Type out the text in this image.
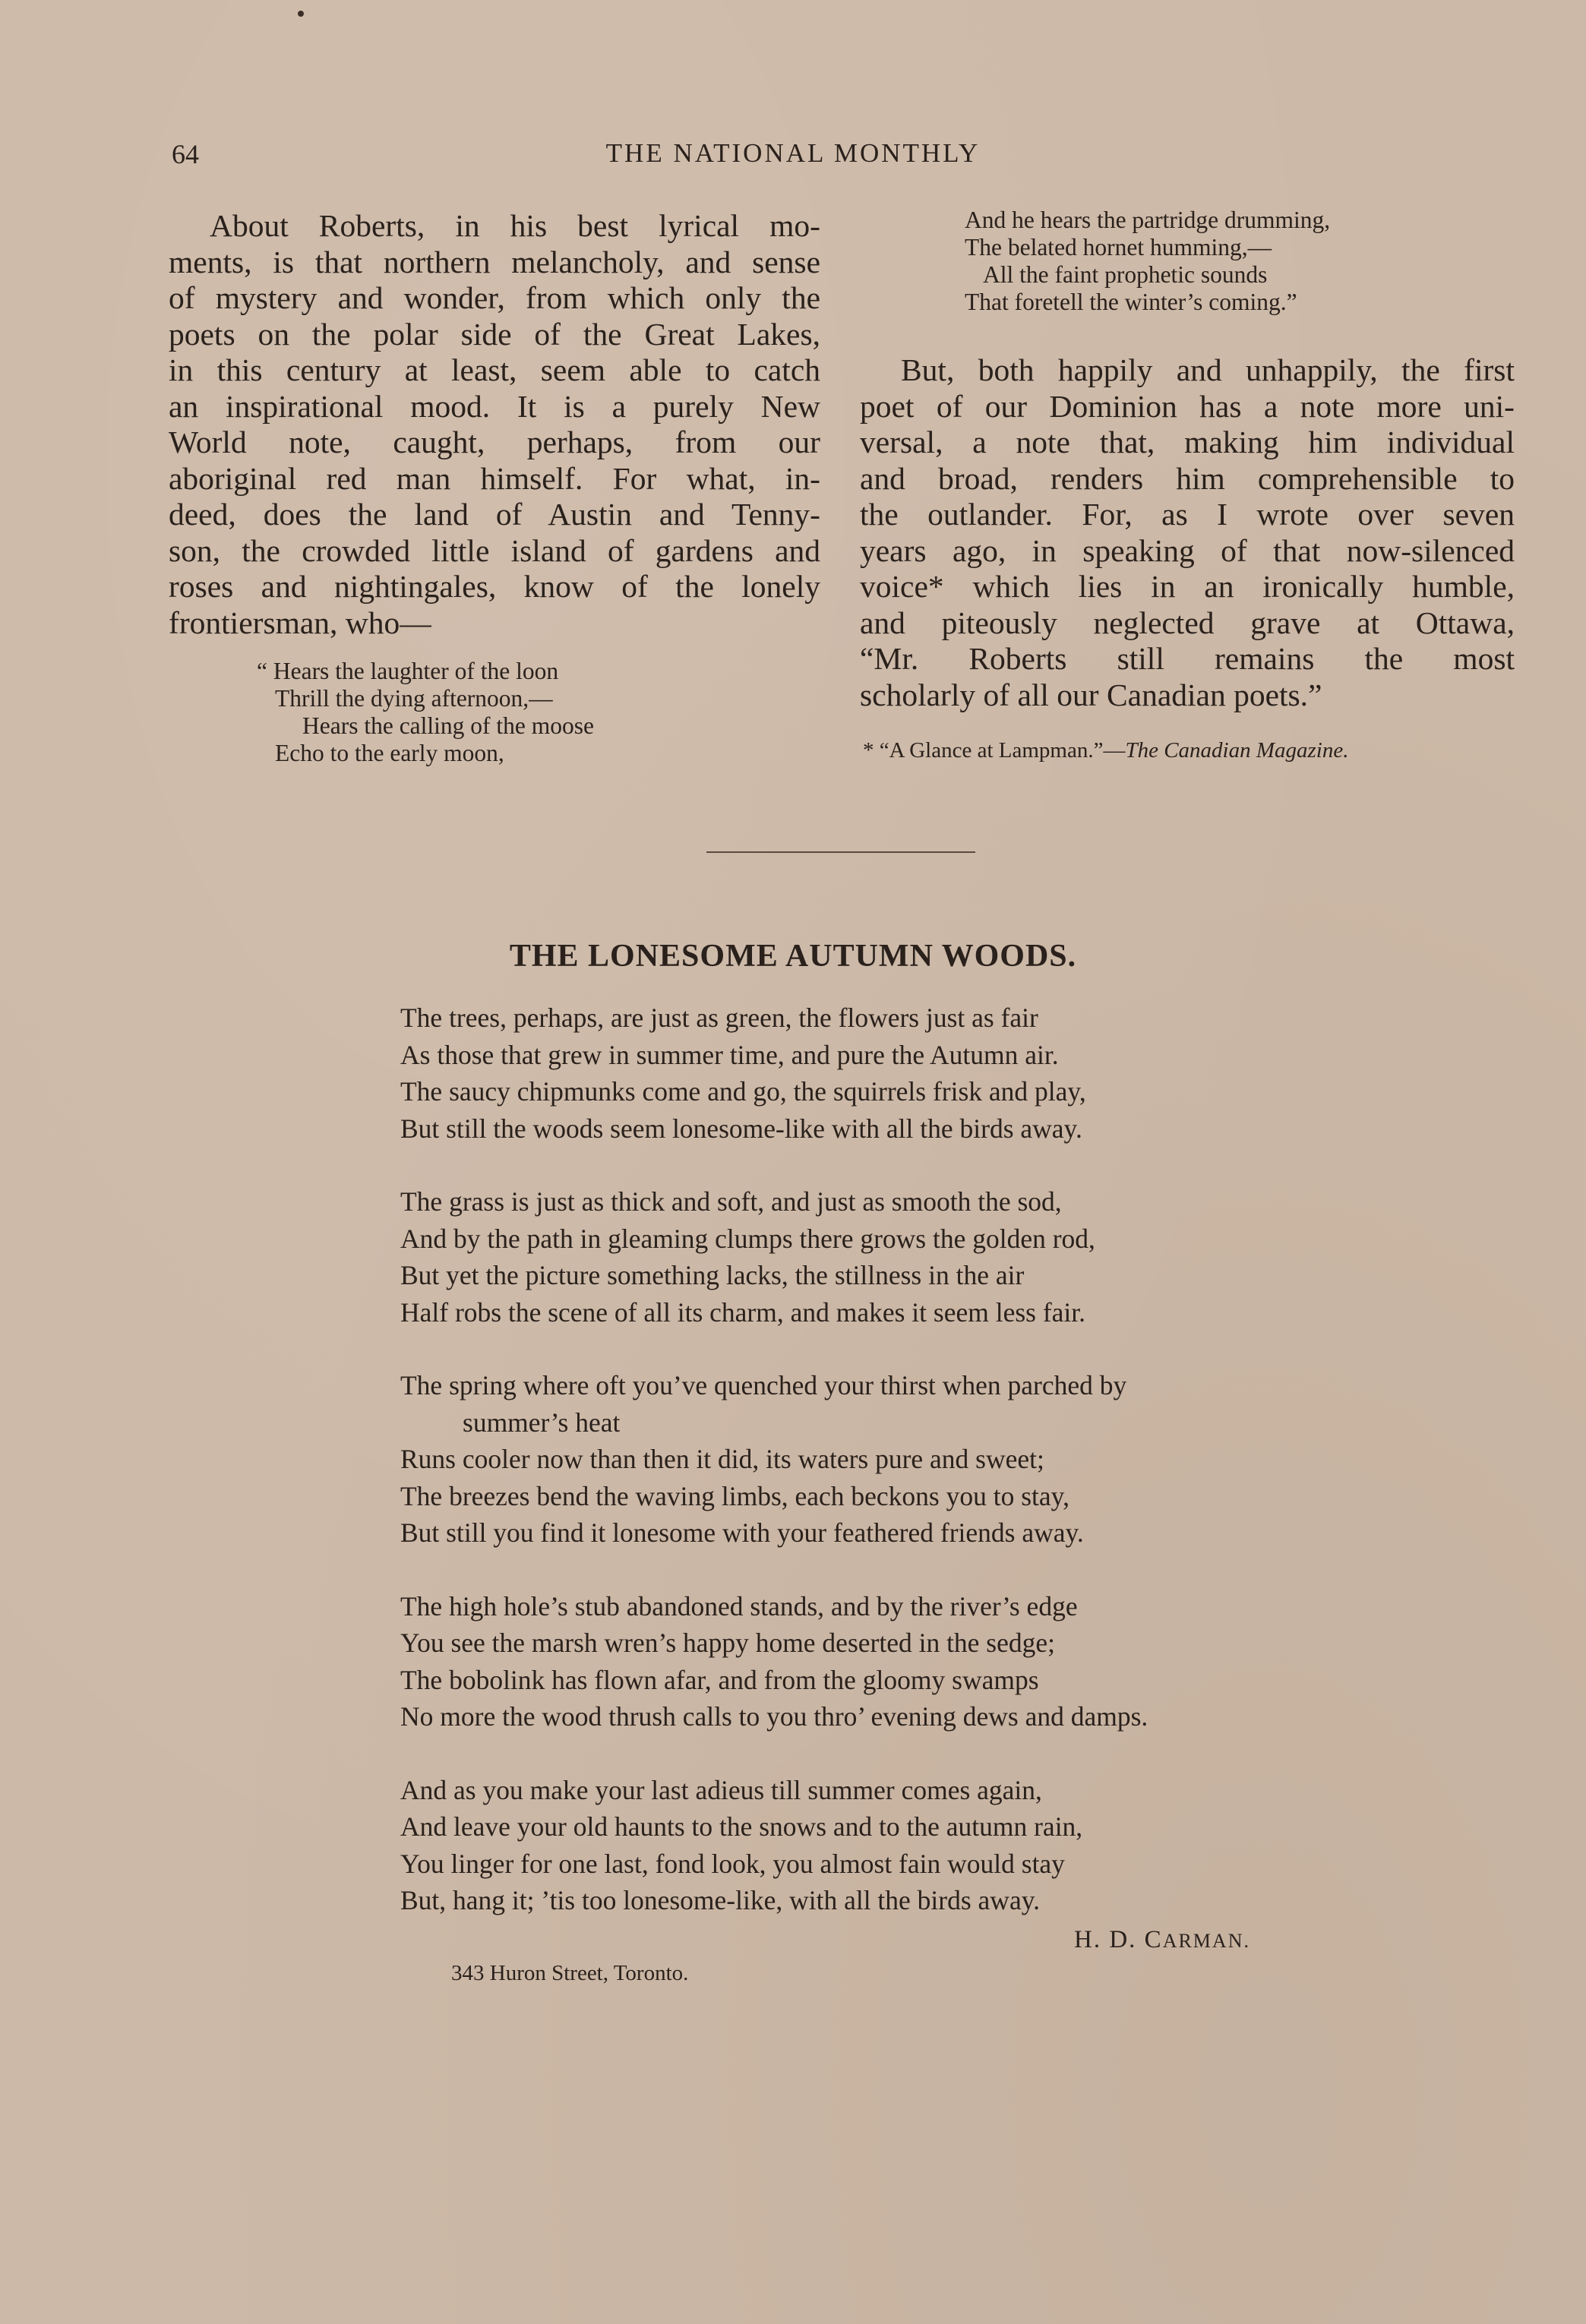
64	THE NATIONAL MONTHLY
About Roberts, in his best lyrical mo-
ments, is that northern melancholy, and sense
of mystery and wonder, from which only the
poets on the polar side of the Great Lakes,
in this century at least, seem able to catch
an inspirational mood. It is a purely New
World note, caught, perhaps, from our
aboriginal red man himself. For what, in-
deed, does the land of Austin and Tenny-
son, the crowded little island of gardens and
roses and nightingales, know of the lonely
frontiersman, who—
“ Hears the laughter of the loon
Thrill the dying afternoon,—
Hears the calling of the moose
Echo to the early moon,
And he hears the partridge drumming,
The belated hornet humming,—
All the faint prophetic sounds
That foretell the winter’s coming.”
But, both happily and unhappily, the first
poet of our Dominion has a note more uni-
versal, a note that, making him individual
and broad, renders him comprehensible to
the outlander. For, as I wrote over seven
years ago, in speaking of that now-silenced
voice* which lies in an ironically humble,
and piteously neglected grave at Ottawa,
“Mr. Roberts still remains the most
scholarly of all our Canadian poets.”
* “A Glance at Lampman.”—The Canadian Magazine.
THE LONESOME AUTUMN WOODS.
The trees, perhaps, are just as green, the flowers just as fair
As those that grew in summer time, and pure the Autumn air.
The saucy chipmunks come and go, the squirrels frisk and play,
But still the woods seem lonesome-like with all the birds away.
The grass is just as thick and soft, and just as smooth the sod,
And by the path in gleaming clumps there grows the golden rod,
But yet the picture something lacks, the stillness in the air
Half robs the scene of all its charm, and makes it seem less fair.
The spring where oft you’ve quenched your thirst when parched by
summer’s heat
Runs cooler now than then it did, its waters pure and sweet;
The breezes bend the waving limbs, each beckons you to stay,
But still you find it lonesome with your feathered friends away.
The high hole’s stub abandoned stands, and by the river’s edge
You see the marsh wren’s happy home deserted in the sedge;
The bobolink has flown afar, and from the gloomy swamps
No more the wood thrush calls to you thro’ evening dews and damps.
And as you make your last adieus till summer comes again,
And leave your old haunts to the snows and to the autumn rain,
You linger for one last, fond look, you almost fain would stay
But, hang it; ’tis too lonesome-like, with all the birds away.
H. D. CARMAN.
343 Huron Street, Toronto.
